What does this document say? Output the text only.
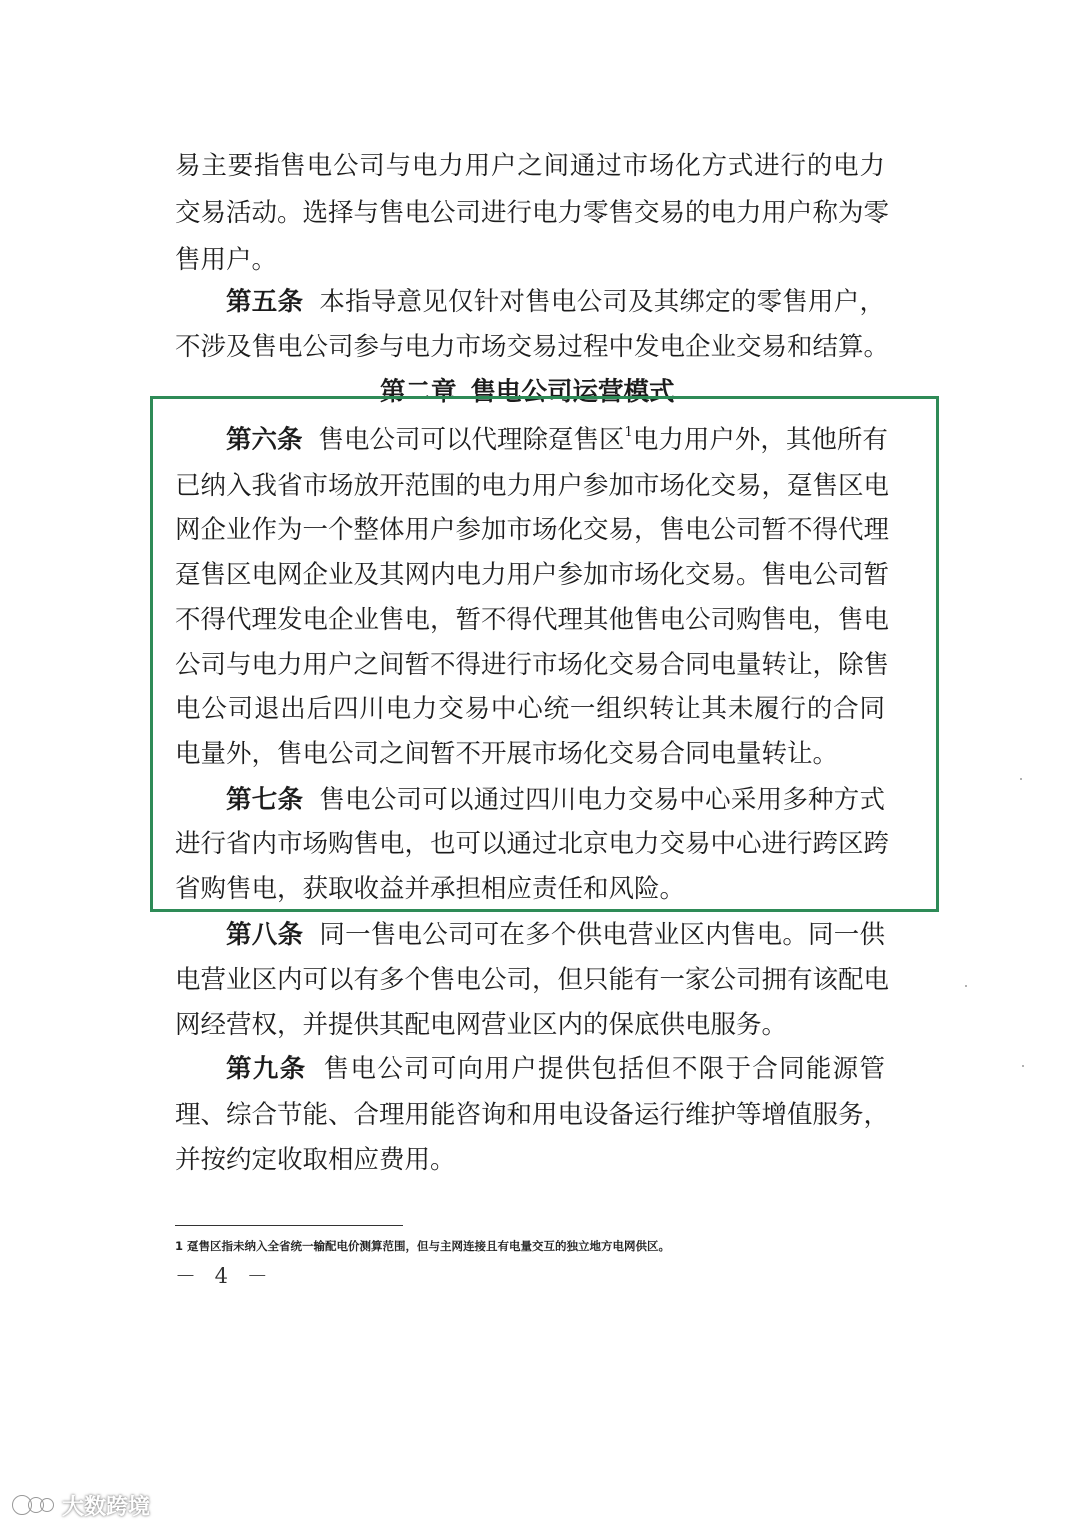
易主要指售电公司与电力用户之间通过市场化方式进行的电力
交易活动。选择与售电公司进行电力零售交易的电力用户称为零
售用户。
第五条 本指导意见仅针对售电公司及其绑定的零售用户，
不涉及售电公司参与电力市场交易过程中发电企业交易和结算。
第二章 售电公司运营模式
第六条 售电公司可以代理除趸售区$^1$电力用户外，其他所有
已纳入我省市场放开范围的电力用户参加市场化交易，趸售区电
网企业作为一个整体用户参加市场化交易，售电公司暂不得代理
趸售区电网企业及其网内电力用户参加市场化交易。售电公司暂
不得代理发电企业售电，暂不得代理其他售电公司购售电，售电
公司与电力用户之间暂不得进行市场化交易合同电量转让，除售
电公司退出后四川电力交易中心统一组织转让其未履行的合同
电量外，售电公司之间暂不开展市场化交易合同电量转让。
第七条 售电公司可以通过四川电力交易中心采用多种方式
进行省内市场购售电，也可以通过北京电力交易中心进行跨区跨
省购售电，获取收益并承担相应责任和风险。
第八条 同一售电公司可在多个供电营业区内售电。同一供
电营业区内可以有多个售电公司，但只能有一家公司拥有该配电
网经营权，并提供其配电网营业区内的保底供电服务。
第九条 售电公司可向用户提供包括但不限于合同能源管
理、综合节能、合理用能咨询和用电设备运行维护等增值服务，
并按约定收取相应费用。
1 趸售区指未纳入全省统一输配电价测算范围，但与主网连接且有电量交互的独立地方电网供区。
－ 4 －
大数跨境
